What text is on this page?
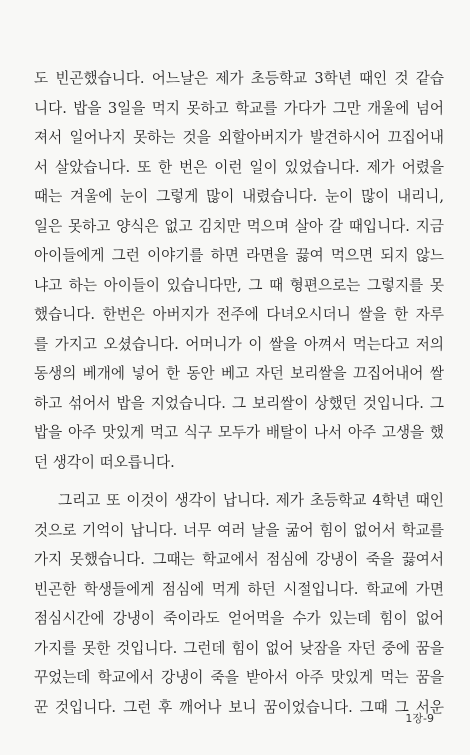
도 빈곤했습니다. 어느날은 제가 초등학교 3학년 때인 것 같습
니다. 밥을 3일을 먹지 못하고 학교를 가다가 그만 개울에 넘어
져서 일어나지 못하는 것을 외할아버지가 발견하시어 끄집어내
서 살았습니다. 또 한 번은 이런 일이 있었습니다. 제가 어렸을
때는 겨울에 눈이 그렇게 많이 내렸습니다. 눈이 많이 내리니,
일은 못하고 양식은 없고 김치만 먹으며 살아 갈 때입니다. 지금
아이들에게 그런 이야기를 하면 라면을 끓여 먹으면 되지 않느
냐고 하는 아이들이 있습니다만, 그 때 형편으로는 그렇지를 못
했습니다. 한번은 아버지가 전주에 다녀오시더니 쌀을 한 자루
를 가지고 오셨습니다. 어머니가 이 쌀을 아껴서 먹는다고 저의
동생의 베개에 넣어 한 동안 베고 자던 보리쌀을 끄집어내어 쌀
하고 섞어서 밥을 지었습니다. 그 보리쌀이 상했던 것입니다. 그
밥을 아주 맛있게 먹고 식구 모두가 배탈이 나서 아주 고생을 했
던 생각이 떠오릅니다.
그리고 또 이것이 생각이 납니다. 제가 초등학교 4학년 때인
것으로 기억이 납니다. 너무 여러 날을 굶어 힘이 없어서 학교를
가지 못했습니다. 그때는 학교에서 점심에 강냉이 죽을 끓여서
빈곤한 학생들에게 점심에 먹게 하던 시절입니다. 학교에 가면
점심시간에 강냉이 죽이라도 얻어먹을 수가 있는데 힘이 없어
가지를 못한 것입니다. 그런데 힘이 없어 낮잠을 자던 중에 꿈을
꾸었는데 학교에서 강냉이 죽을 받아서 아주 맛있게 먹는 꿈을
꾼 것입니다. 그런 후 깨어나 보니 꿈이었습니다. 그때 그 서운
1장-9
